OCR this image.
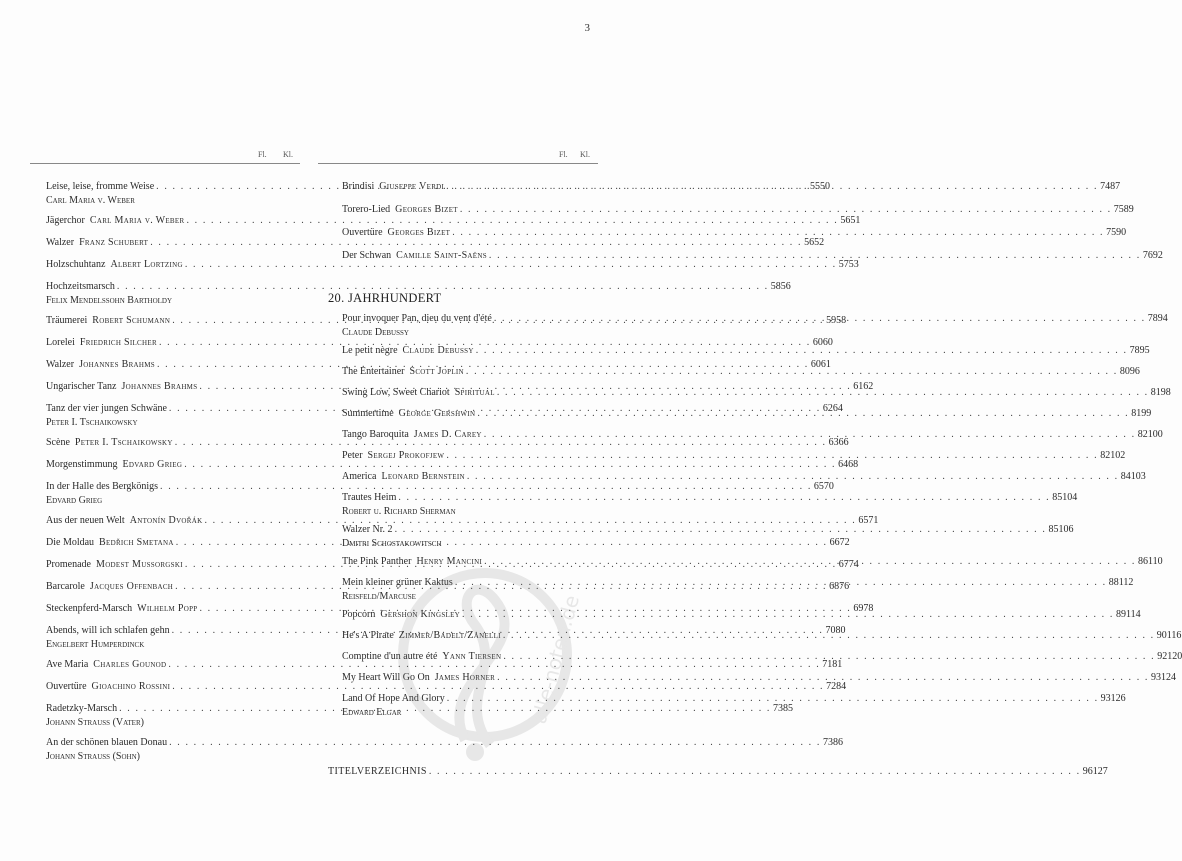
3
Fl. Kl.
Leise, leise, fromme Weise . . .	55 50
Carl Maria v. Weber
Jägerchor Carl Maria v. Weber . . .	56 51
Walzer Franz Schubert . . .	56 52
Holzschuhtanz Albert Lortzing . . .	57 53
Hochzeitsmarsch . . .	58 56
Felix Mendelssohn Bartholdy
Träumerei Robert Schumann . . .	59 58
Lorelei Friedrich Silcher . . .	60 60
Walzer Johannes Brahms . . .	60 61
Ungarischer Tanz Johannes Brahms . . .	61 62
Tanz der vier jungen Schwäne . . .	62 64
Peter I. Tschaikowsky
Scène Peter I. Tschaikowsky . . .	63 66
Morgenstimmung Edvard Grieg . . .	64 68
In der Halle des Bergkönigs . . .	65 70
Edvard Grieg
Aus der neuen Welt Antonín Dvořák . . .	65 71
Die Moldau Bedřich Smetana . . .	66 72
Promenade Modest Mussorgski . . .	67 74
Barcarole Jacques Offenbach . . .	68 76
Steckenpferd-Marsch Wilhelm Popp . . .	69 78
Abends, will ich schlafen gehn . . .	70 80
Engelbert Humperdinck
Ave Maria Charles Gounod . . .	71 81
Ouvertüre Gioachino Rossini . . .	72 84
Radetzky-Marsch . . .	73 85
Johann Strauss (Vater)
An der schönen blauen Donau . . .	73 86
Johann Strauss (Sohn)
Fl. Kl.
Brindisi Giuseppe Verdi . . .	74 87
Torero-Lied Georges Bizet . . .	75 89
Ouvertüre Georges Bizet . . .	75 90
Der Schwan Camille Saint-Saëns . . .	76 92
20. JAHRHUNDERT
Pour invoquer Pan, dieu du vent d'été . . .	78 94
Claude Debussy
Le petit nègre Claude Debussy . . .	78 95
The Entertainer Scott Joplin . . .	80 96
Swing Low, Sweet Chariot Spiritual . . .	81 98
Summertime George Gershwin . . .	81 99
Tango Baroquita James D. Carey . . .	82 100
Peter Sergej Prokofjew . . .	82 102
America Leonard Bernstein . . .	84 103
Trautes Heim . . .	85 104
Robert u. Richard Sherman
Walzer Nr. 2 . . .	85 106
Dmitri Schostakowitsch
The Pink Panther Henry Mancini . . .	86 110
Mein kleiner grüner Kaktus . . .	88 112
Reisfeld/Marcuse
Popcorn Gershon Kingsley . . .	89 114
He's A Pirate Zimmer/Badelt/Zanelli . . .	90 116
Comptine d'un autre été Yann Tiersen . . .	92 120
My Heart Will Go On James Horner . . .	93 124
Land Of Hope And Glory . . .	93 126
Edward Elgar
TITELVERZEICHNIS . . .	96 127
alle-noten.de
